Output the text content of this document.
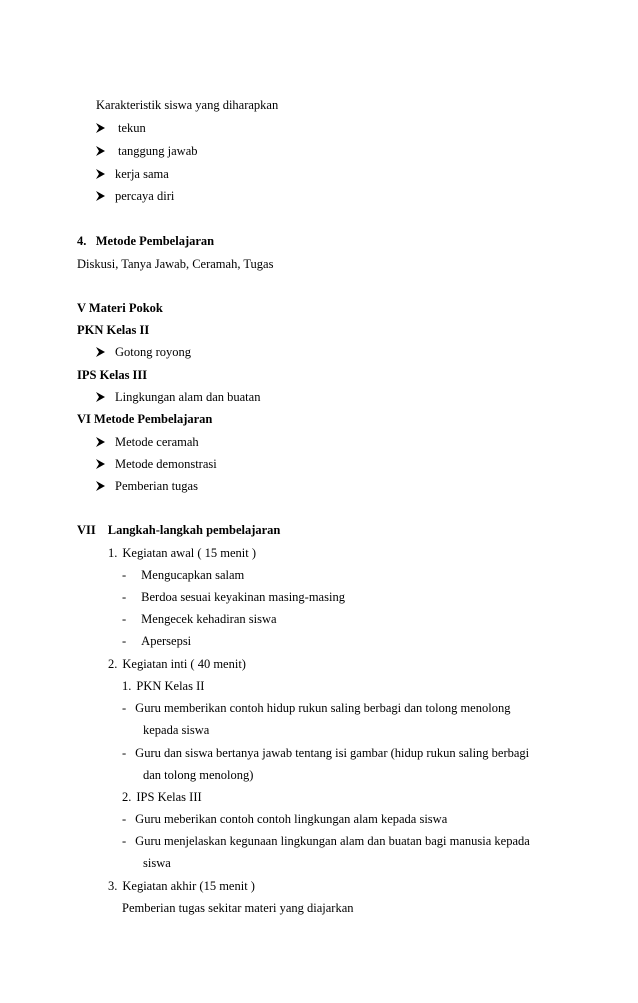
Karakteristik siswa yang diharapkan
tekun
tanggung jawab
kerja sama
percaya diri
4.   Metode Pembelajaran
Diskusi, Tanya Jawab, Ceramah, Tugas
V Materi Pokok
PKN Kelas II
Gotong royong
IPS Kelas III
Lingkungan alam dan buatan
VI Metode Pembelajaran
Metode ceramah
Metode demonstrasi
Pemberian tugas
VII Langkah-langkah pembelajaran
1. Kegiatan awal ( 15 menit )
- Mengucapkan salam
- Berdoa sesuai keyakinan masing-masing
- Mengecek kehadiran siswa
- Apersepsi
2. Kegiatan inti ( 40 menit)
1. PKN Kelas II
- Guru memberikan contoh hidup rukun saling berbagi dan tolong menolong
kepada siswa
- Guru dan siswa bertanya jawab tentang isi gambar (hidup rukun saling berbagi
dan tolong menolong)
2. IPS Kelas III
- Guru meberikan contoh contoh lingkungan alam kepada siswa
- Guru menjelaskan kegunaan lingkungan alam dan buatan bagi manusia kepada
siswa
3. Kegiatan akhir (15 menit )
Pemberian tugas sekitar materi yang diajarkan
